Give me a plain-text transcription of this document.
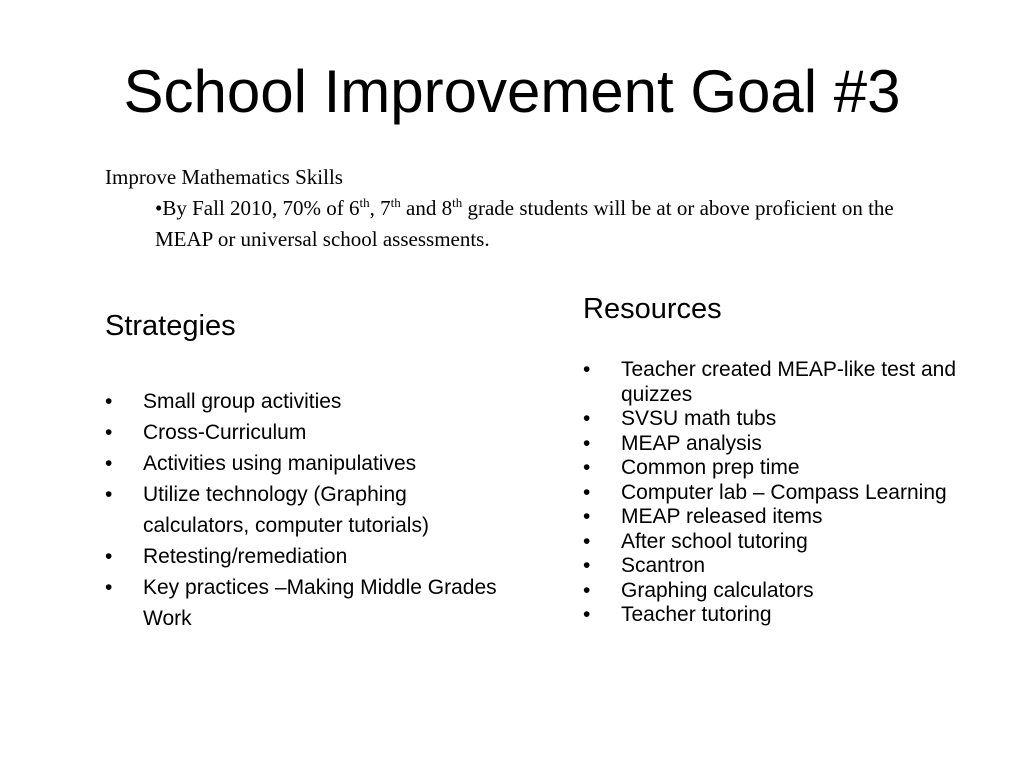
School Improvement Goal #3
Improve Mathematics Skills
•By Fall 2010, 70% of 6th, 7th and 8th grade students will be at or above proficient on the MEAP or universal school assessments.
Strategies
• Small group activities
• Cross-Curriculum
• Activities using manipulatives
• Utilize technology (Graphing calculators, computer tutorials)
• Retesting/remediation
• Key practices –Making Middle Grades Work
Resources
• Teacher created MEAP-like test and quizzes
• SVSU math tubs
• MEAP analysis
• Common prep time
• Computer lab – Compass Learning
• MEAP released items
• After school tutoring
• Scantron
• Graphing calculators
• Teacher tutoring
